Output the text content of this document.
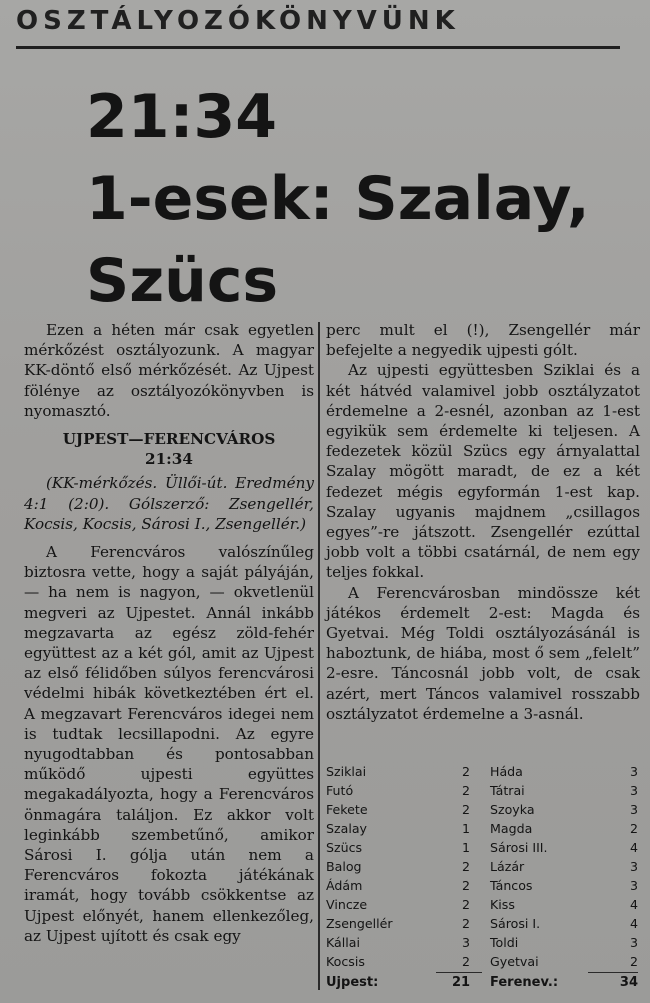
OSZTÁLYOZÓKÖNYVÜNK
21:34
1-esek: Szalay,
Szücs

Ezen a héten már csak egyetlen mérkőzést osztályozunk. A magyar KK-döntő első mérkőzését. Az Ujpest fölénye az osztályozókönyvben is nyomasztó.

UJPEST—FERENCVÁROS

21:34

(KK-mérkőzés. Üllői-út. Eredmény 4:1 (2:0). Gólszerző: Zsengellér, Kocsis, Kocsis, Sárosi I., Zsengellér.)

A Ferencváros valószínűleg biztosra vette, hogy a saját pályáján, — ha nem is nagyon, — okvetlenül megveri az Ujpestet. Annál inkább megzavarta az egész zöld-fehér együttest az a két gól, amit az Ujpest az első félidőben súlyos ferencvárosi védelmi hibák következtében ért el. A megzavart Ferencváros idegei nem is tudtak lecsillapodni. Az egyre nyugodtabban és pontosabban működő ujpesti együttes megakadályozta, hogy a Ferencváros önmagára találjon. Ez akkor volt leginkább szembetűnő, amikor Sárosi I. gólja után nem a Ferencváros fokozta játékának iramát, hogy tovább csökkentse az Ujpest előnyét, hanem ellenkezőleg, az Ujpest ujított és csak egy

perc mult el (!), Zsengellér már befejelte a negyedik ujpesti gólt.

Az ujpesti együttesben Sziklai és a két hátvéd valamivel jobb osztályzatot érdemelne a 2-esnél, azonban az 1-est egyikük sem érdemelte ki teljesen. A fedezetek közül Szücs egy árnyalattal Szalay mögött maradt, de ez a két fedezet mégis egyformán 1-est kap. Szalay ugyanis majdnem „csillagos egyes”-re játszott. Zsengellér ezúttal jobb volt a többi csatárnál, de nem egy teljes fokkal.

A Ferencvárosban mindössze két játékos érdemelt 2-est: Magda és Gyetvai. Még Toldi osztályozásánál is haboztunk, de hiába, most ő sem „felelt” 2-esre. Táncosnál jobb volt, de csak azért, mert Táncos valamivel rosszabb osztályzatot érdemelne a 3-asnál.

Sziklai	2 Háda	3
Futó	2 Tátrai	3
Fekete	2 Szoyka	3
Szalay	1 Magda	2
Szücs	1 Sárosi III.	4
Balog	2 Lázár	3
Ádám	2 Táncos	3
Vincze	2 Kiss	4
Zsengellér	2 Sárosi I.	4
Kállai	3 Toldi	3
Kocsis	2 Gyetvai	2
Ujpest:	21 Ferenev.:	34
